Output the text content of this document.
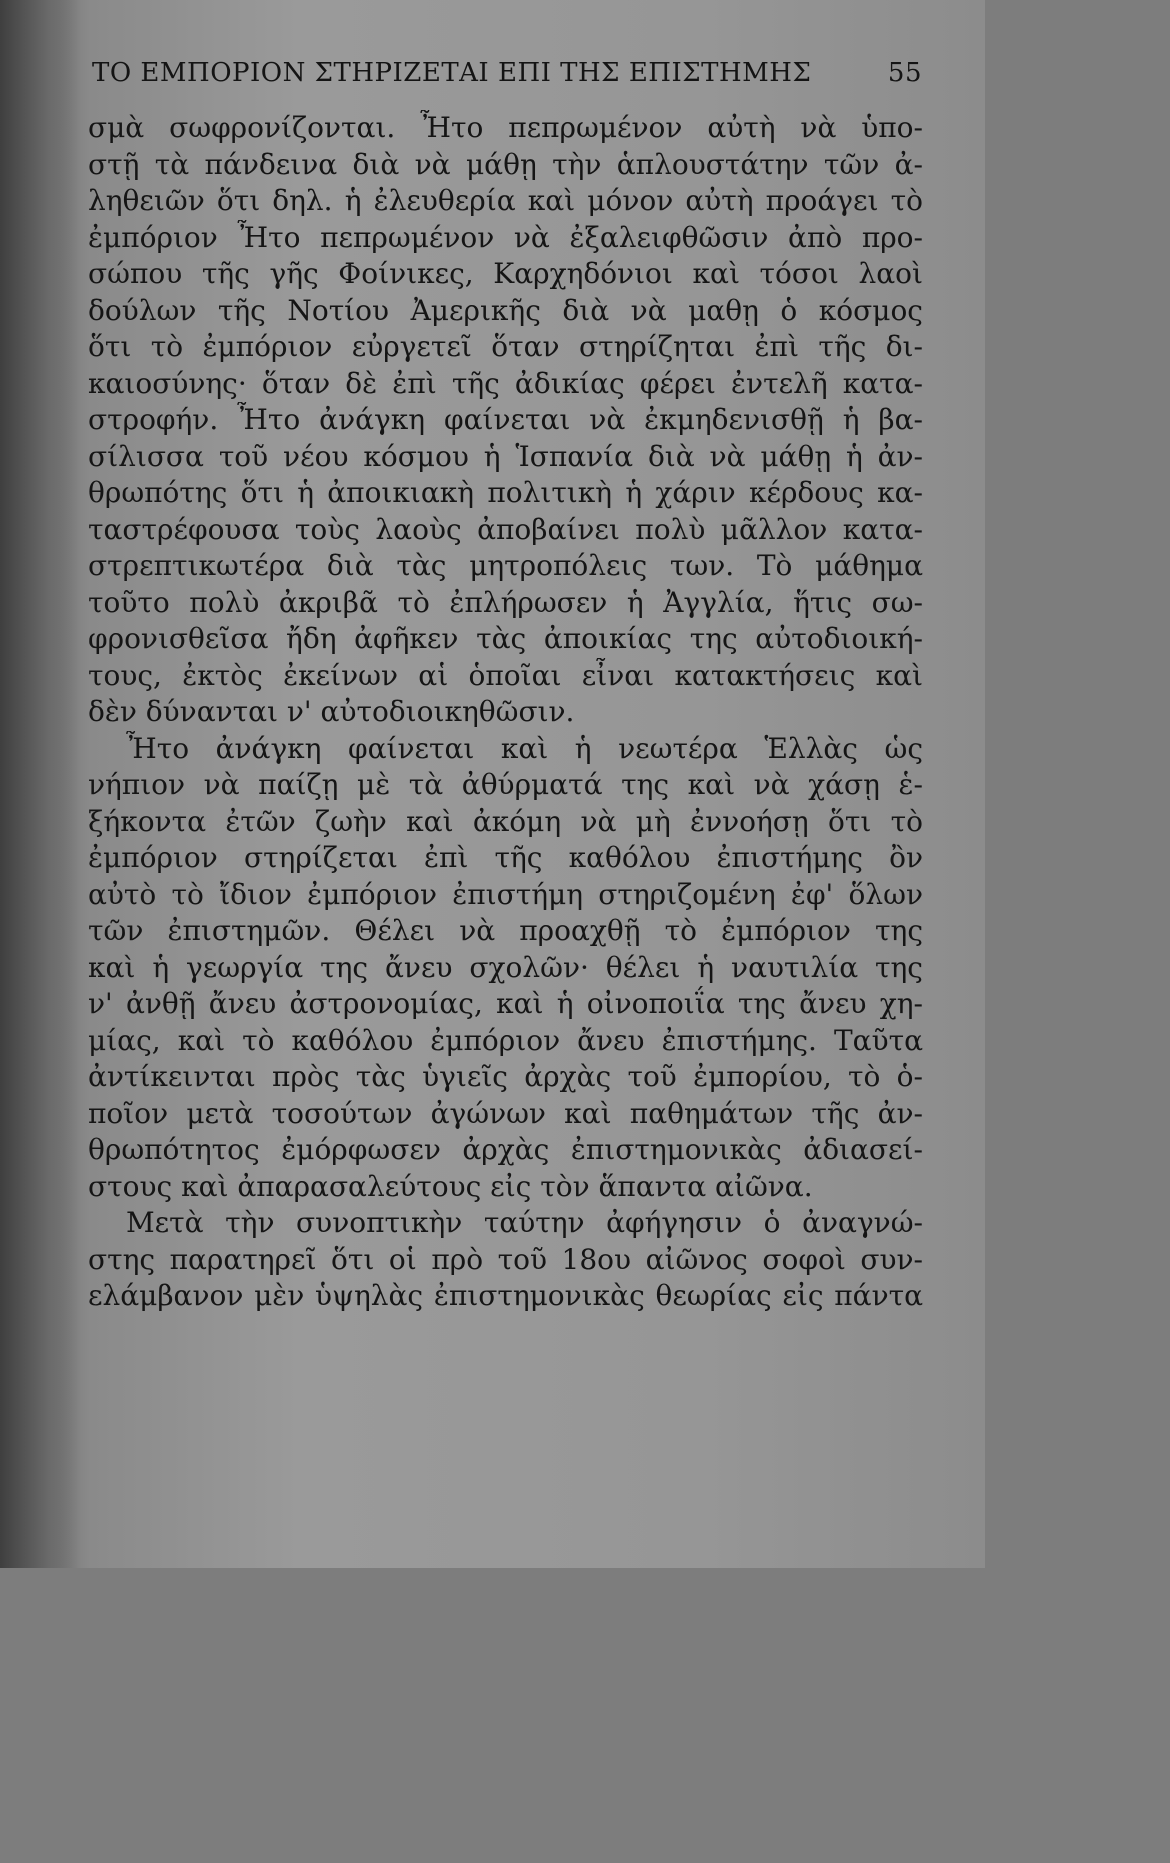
ΤΟ ΕΜΠΟΡΙΟΝ ΣΤΗΡΙΖΕΤΑΙ ΕΠΙ ΤΗΣ ΕΠΙΣΤΗΜΗΣ	55
σμὰ σωφρονίζονται. Ἦτο πεπρωμένον αὐτὴ νὰ ὑπο-
στῇ τὰ πάνδεινα διὰ νὰ μάθῃ τὴν ἁπλουστάτην τῶν ἀ-
ληθειῶν ὅτι δηλ. ἡ ἐλευθερία καὶ μόνον αὐτὴ προάγει τὸ
ἐμπόριον Ἦτο πεπρωμένον νὰ ἐξαλειφθῶσιν ἀπὸ προ-
σώπου τῆς γῆς Φοίνικες, Καρχηδόνιοι καὶ τόσοι λαοὶ
δούλων τῆς Νοτίου Ἀμερικῆς διὰ νὰ μαθῃ ὁ κόσμος
ὅτι τὸ ἐμπόριον εὐργετεῖ ὅταν στηρίζηται ἐπὶ τῆς δι-
καιοσύνης· ὅταν δὲ ἐπὶ τῆς ἀδικίας φέρει ἐντελῆ κατα-
στροφήν. Ἦτο ἀνάγκη φαίνεται νὰ ἐκμηδενισθῇ ἡ βα-
σίλισσα τοῦ νέου κόσμου ἡ Ἱσπανία διὰ νὰ μάθῃ ἡ ἀν-
θρωπότης ὅτι ἡ ἀποικιακὴ πολιτικὴ ἡ χάριν κέρδους κα-
ταστρέφουσα τοὺς λαοὺς ἀποβαίνει πολὺ μᾶλλον κατα-
στρεπτικωτέρα διὰ τὰς μητροπόλεις των. Τὸ μάθημα
τοῦτο πολὺ ἀκριβᾶ τὸ ἐπλήρωσεν ἡ Ἀγγλία, ἥτις σω-
φρονισθεῖσα ἤδη ἀφῆκεν τὰς ἀποικίας της αὐτοδιοική-
τους, ἐκτὸς ἐκείνων αἱ ὁποῖαι εἶναι κατακτήσεις καὶ
δὲν δύνανται ν' αὐτοδιοικηθῶσιν.
Ἦτο ἀνάγκη φαίνεται καὶ ἡ νεωτέρα Ἑλλὰς ὡς
νήπιον νὰ παίζῃ μὲ τὰ ἀθύρματά της καὶ νὰ χάσῃ ἑ-
ξήκοντα ἐτῶν ζωὴν καὶ ἀκόμη νὰ μὴ ἐννοήσῃ ὅτι τὸ
ἐμπόριον στηρίζεται ἐπὶ τῆς καθόλου ἐπιστήμης ὂν
αὐτὸ τὸ ἴδιον ἐμπόριον ἐπιστήμη στηριζομένη ἐφ' ὅλων
τῶν ἐπιστημῶν. Θέλει νὰ προαχθῇ τὸ ἐμπόριον της
καὶ ἡ γεωργία της ἄνευ σχολῶν· θέλει ἡ ναυτιλία της
ν' ἀνθῇ ἄνευ ἀστρονομίας, καὶ ἡ οἰνοποιΐα της ἄνευ χη-
μίας, καὶ τὸ καθόλου ἐμπόριον ἄνευ ἐπιστήμης. Ταῦτα
ἀντίκεινται πρὸς τὰς ὑγιεῖς ἀρχὰς τοῦ ἐμπορίου, τὸ ὁ-
ποῖον μετὰ τοσούτων ἀγώνων καὶ παθημάτων τῆς ἀν-
θρωπότητος ἐμόρφωσεν ἀρχὰς ἐπιστημονικὰς ἀδιασεί-
στους καὶ ἀπαρασαλεύτους εἰς τὸν ἅπαντα αἰῶνα.
Μετὰ τὴν συνοπτικὴν ταύτην ἀφήγησιν ὁ ἀναγνώ-
στης παρατηρεῖ ὅτι οἱ πρὸ τοῦ 18ου αἰῶνος σοφοὶ συν-
ελάμβανον μὲν ὑψηλὰς ἐπιστημονικὰς θεωρίας εἰς πάντα
